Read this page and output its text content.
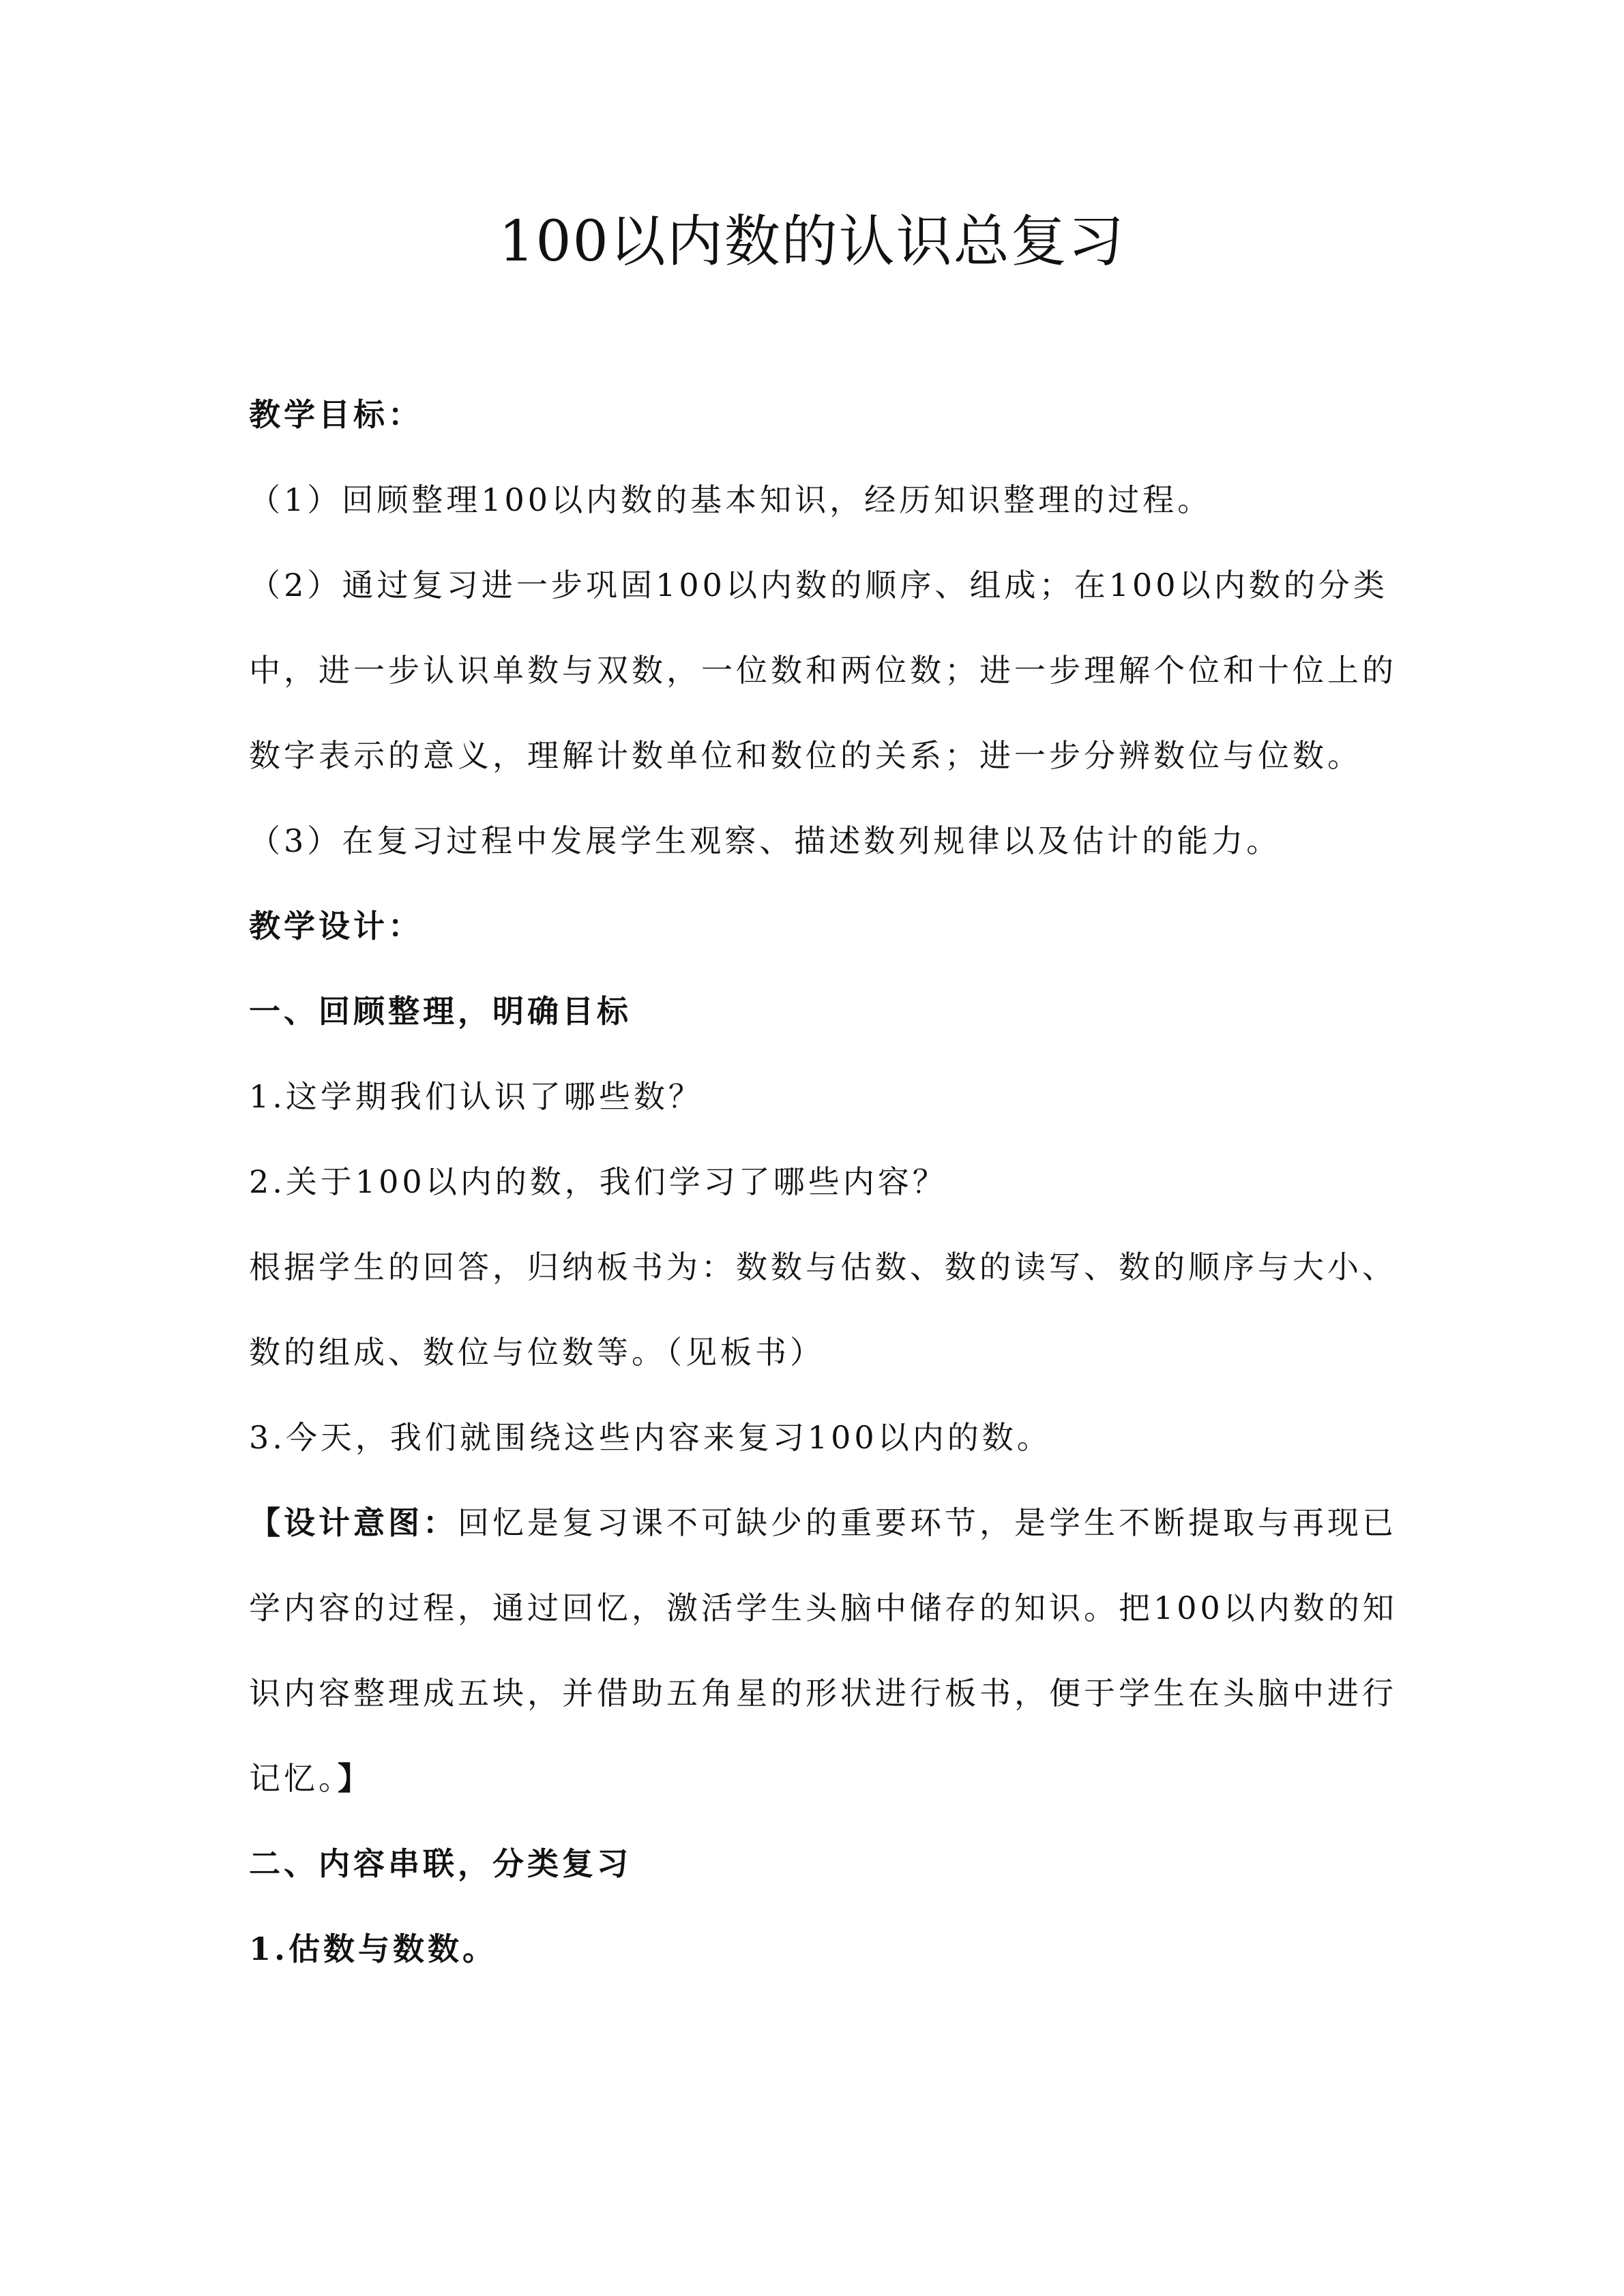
100以内数的认识总复习
教学目标：
（1）回顾整理100以内数的基本知识，经历知识整理的过程。
（2）通过复习进一步巩固100以内数的顺序、组成；在100以内数的分类
中，进一步认识单数与双数，一位数和两位数；进一步理解个位和十位上的
数字表示的意义，理解计数单位和数位的关系；进一步分辨数位与位数。
（3）在复习过程中发展学生观察、描述数列规律以及估计的能力。
教学设计：
一、回顾整理，明确目标
1.这学期我们认识了哪些数？
2.关于100以内的数，我们学习了哪些内容？
根据学生的回答，归纳板书为：数数与估数、数的读写、数的顺序与大小、
数的组成、数位与位数等。（见板书）
3.今天，我们就围绕这些内容来复习100以内的数。
【设计意图：回忆是复习课不可缺少的重要环节，是学生不断提取与再现已
学内容的过程，通过回忆，激活学生头脑中储存的知识。把100以内数的知
识内容整理成五块，并借助五角星的形状进行板书，便于学生在头脑中进行
记忆。】
二、内容串联，分类复习
1.估数与数数。
